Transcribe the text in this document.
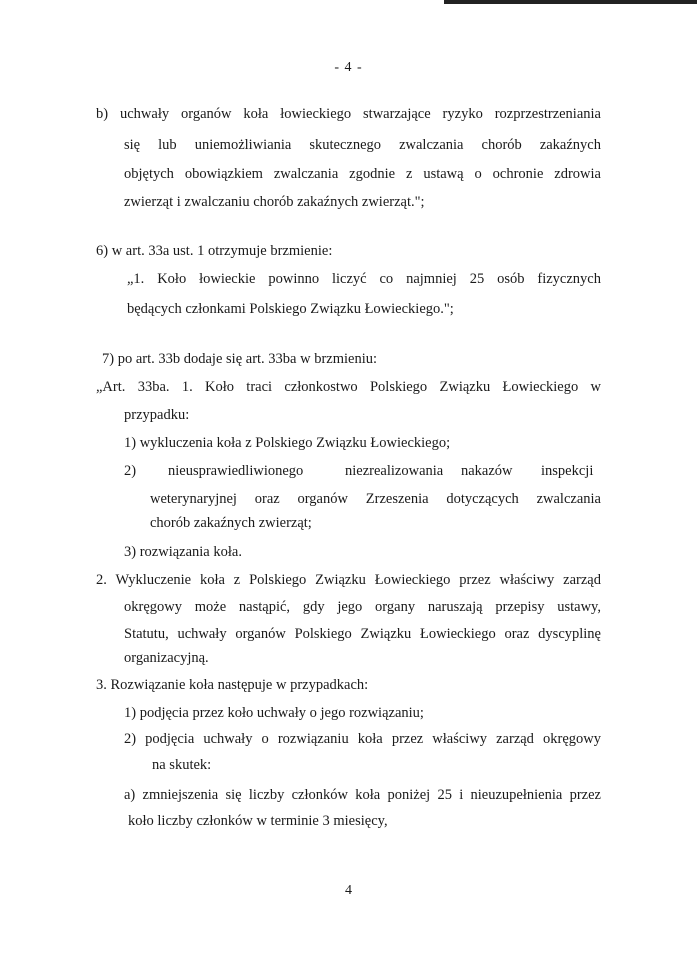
- 4 -
b) uchwały organów koła łowieckiego stwarzające ryzyko rozprzestrzeniania
się lub uniemożliwiania skutecznego zwalczania chorób zakaźnych
objętych obowiązkiem zwalczania zgodnie z ustawą o ochronie zdrowia
zwierząt i zwalczaniu chorób zakaźnych zwierząt.";
6) w art. 33a ust. 1 otrzymuje brzmienie:
„1. Koło łowieckie powinno liczyć co najmniej 25 osób fizycznych
będących członkami Polskiego Związku Łowieckiego.";
7) po art. 33b dodaje się art. 33ba w brzmieniu:
„Art. 33ba. 1. Koło traci członkostwo Polskiego Związku Łowieckiego w
przypadku:
1) wykluczenia koła z Polskiego Związku Łowieckiego;
2) nieusprawiedliwionego	niezrealizowania nakazów inspekcji
weterynaryjnej oraz organów Zrzeszenia dotyczących zwalczania
chorób zakaźnych zwierząt;
3) rozwiązania koła.
2. Wykluczenie koła z Polskiego Związku Łowieckiego przez właściwy zarząd
okręgowy może nastąpić, gdy jego organy naruszają przepisy ustawy,
Statutu, uchwały organów Polskiego Związku Łowieckiego oraz dyscyplinę
organizacyjną.
3. Rozwiązanie koła następuje w przypadkach:
1) podjęcia przez koło uchwały o jego rozwiązaniu;
2) podjęcia uchwały o rozwiązaniu koła przez właściwy zarząd okręgowy
na skutek:
a) zmniejszenia się liczby członków koła poniżej 25 i nieuzupełnienia przez
koło liczby członków w terminie 3 miesięcy,
4
